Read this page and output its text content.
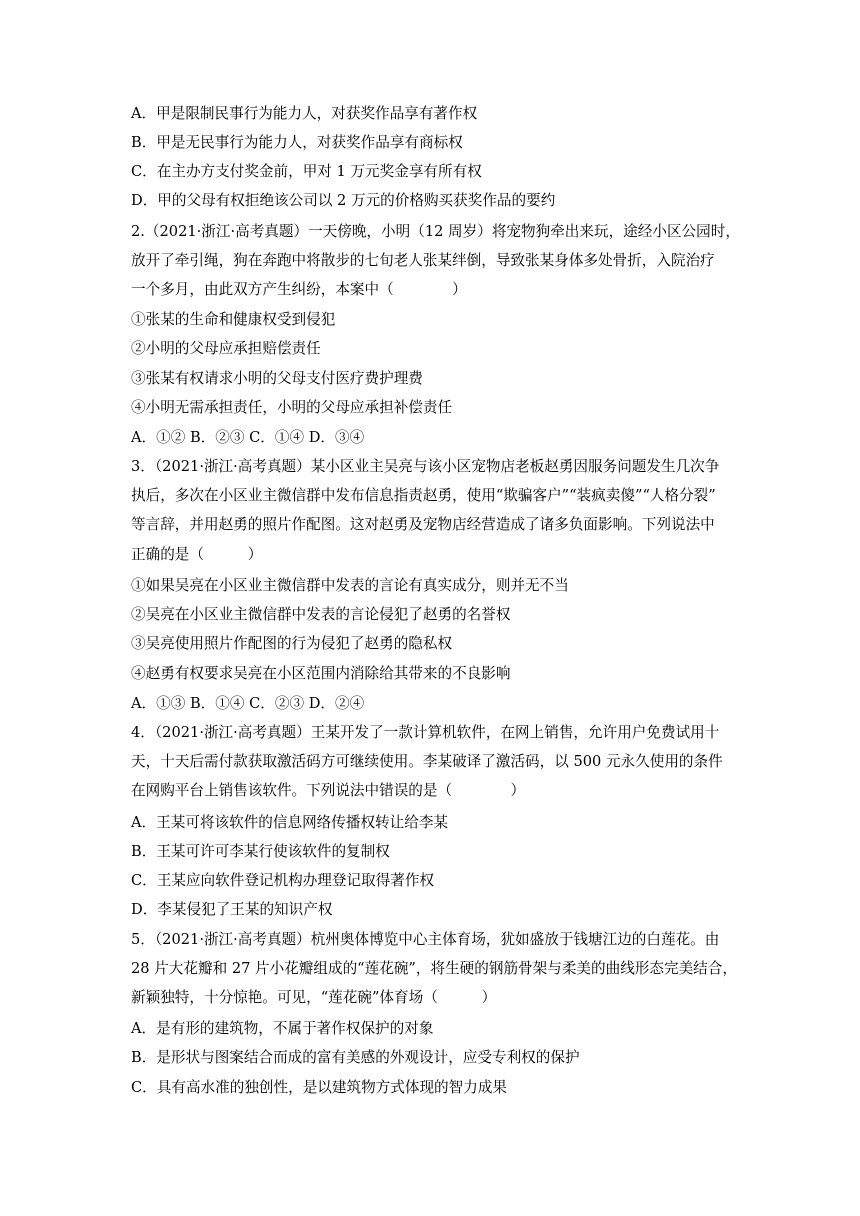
A．甲是限制民事行为能力人，对获奖作品享有著作权
B．甲是无民事行为能力人，对获奖作品享有商标权
C．在主办方支付奖金前，甲对 1 万元奖金享有所有权
D．甲的父母有权拒绝该公司以 2 万元的价格购买获奖作品的要约
2.（2021·浙江·高考真题）一天傍晚，小明（12 周岁）将宠物狗牵出来玩，途经小区公园时，
放开了牵引绳，狗在奔跑中将散步的七旬老人张某绊倒，导致张某身体多处骨折，入院治疗
一个多月，由此双方产生纠纷，本案中（　　　　）
①张某的生命和健康权受到侵犯
②小明的父母应承担赔偿责任
③张某有权请求小明的父母支付医疗费护理费
④小明无需承担责任，小明的父母应承担补偿责任
A．①② B．②③ C．①④ D．③④
3．（2021·浙江·高考真题）某小区业主吴亮与该小区宠物店老板赵勇因服务问题发生几次争
执后，多次在小区业主微信群中发布信息指责赵勇，使用“欺骗客户”“装疯卖傻”“人格分裂”
等言辞，并用赵勇的照片作配图。这对赵勇及宠物店经营造成了诸多负面影响。下列说法中
正确的是（　　　）
①如果吴亮在小区业主微信群中发表的言论有真实成分，则并无不当
②吴亮在小区业主微信群中发表的言论侵犯了赵勇的名誉权
③吴亮使用照片作配图的行为侵犯了赵勇的隐私权
④赵勇有权要求吴亮在小区范围内消除给其带来的不良影响
A．①③ B．①④ C．②③ D．②④
4．（2021·浙江·高考真题）王某开发了一款计算机软件，在网上销售，允许用户免费试用十
天，十天后需付款获取激活码方可继续使用。李某破译了激活码，以 500 元永久使用的条件
在网购平台上销售该软件。下列说法中错误的是（　　　　）
A．王某可将该软件的信息网络传播权转让给李某
B．王某可许可李某行使该软件的复制权
C．王某应向软件登记机构办理登记取得著作权
D．李某侵犯了王某的知识产权
5．（2021·浙江·高考真题）杭州奥体博览中心主体育场，犹如盛放于钱塘江边的白莲花。由
28 片大花瓣和 27 片小花瓣组成的“莲花碗”，将生硬的钢筋骨架与柔美的曲线形态完美结合，
新颖独特，十分惊艳。可见，“莲花碗”体育场（　　　）
A．是有形的建筑物，不属于著作权保护的对象
B．是形状与图案结合而成的富有美感的外观设计，应受专利权的保护
C．具有高水准的独创性，是以建筑物方式体现的智力成果
